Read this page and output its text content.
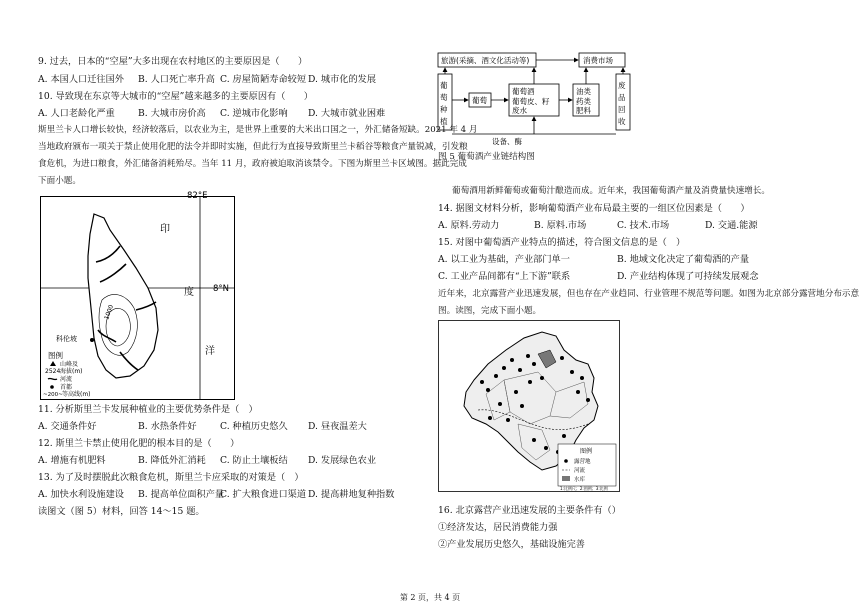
9. 过去，日本的“空屋”大多出现在农村地区的主要原因是（　　）
A. 本国人口迁往国外 B. 人口死亡率升高 C. 房屋简陋寿命较短 D. 城市化的发展
10. 导致现在东京等大城市的“空屋”越来越多的主要原因有（　　）
A. 人口老龄化严重	B. 大城市房价高 C. 逆城市化影响 D. 大城市就业困难
斯里兰卡人口增长较快，经济较落后，以农业为主，是世界上重要的大米出口国之一，外汇储备短缺。2021 年 4 月
当地政府颁布一项关于禁止使用化肥的法令并即时实施，但此行为直接导致斯里兰卡稻谷等粮食产量锐减，引发粮
食危机，为进口粮食，外汇储备消耗殆尽。当年 11 月，政府被迫取消该禁令。下图为斯里兰卡区域图。据此完成
下面小题。
82°E
8°N
印
度
洋
1000
科伦坡
图例
山峰及
海拔(m)
2524
河流
首都
~200~ 等高线(m)
11. 分析斯里兰卡发展种植业的主要优势条件是（　）
A. 交通条件好	B. 水热条件好	C. 种植历史悠久 D. 昼夜温差大
12. 斯里兰卡禁止使用化肥的根本目的是（　　）
A. 增施有机肥料	B. 降低外汇消耗 C. 防止土壤板结 D. 发展绿色农业
13. 为了及时摆脱此次粮食危机，斯里兰卡应采取的对策是（　）
A. 加快水利设施建设 B. 提高单位面积产量
C. 扩大粮食进口渠道 D. 提高耕地复种指数
读图文（图 5）材料，回答 14～15 题。
旅游(采摘、酒文化活动等)	消费市场
葡
萄
种
植
葡萄
葡萄酒
葡萄皮、籽
废水
油类
药类
肥料
废
品
回
收
设备、酶
图 5 葡萄酒产业链结构图
葡萄酒用新鲜葡萄或葡萄汁酿造而成。近年来，我国葡萄酒产量及消费量快速增长。
14. 据图文材料分析，影响葡萄酒产业布局最主要的一组区位因素是（　　）
A. 原料.劳动力	B. 原料.市场	C. 技术.市场	D. 交通.能源
15. 对图中葡萄酒产业特点的描述，符合图文信息的是（　）
A. 以工业为基础，产业部门单一	B. 地域文化决定了葡萄酒的产量
C. 工业产品间都有“上下游”联系	D. 产业结构体现了可持续发展观念
近年来，北京露营产业迅速发展，但也存在产业趋同、行业管理不规范等问题。如图为北京部分露营地分布示意
图。读图，完成下面小题。
图例
露营地
河流
水库
1:比例尺；2:图例；3:比例
16. 北京露营产业迅速发展的主要条件有（）
①经济发达，居民消费能力强
②产业发展历史悠久，基础设施完善
第 2 页，共 4 页
